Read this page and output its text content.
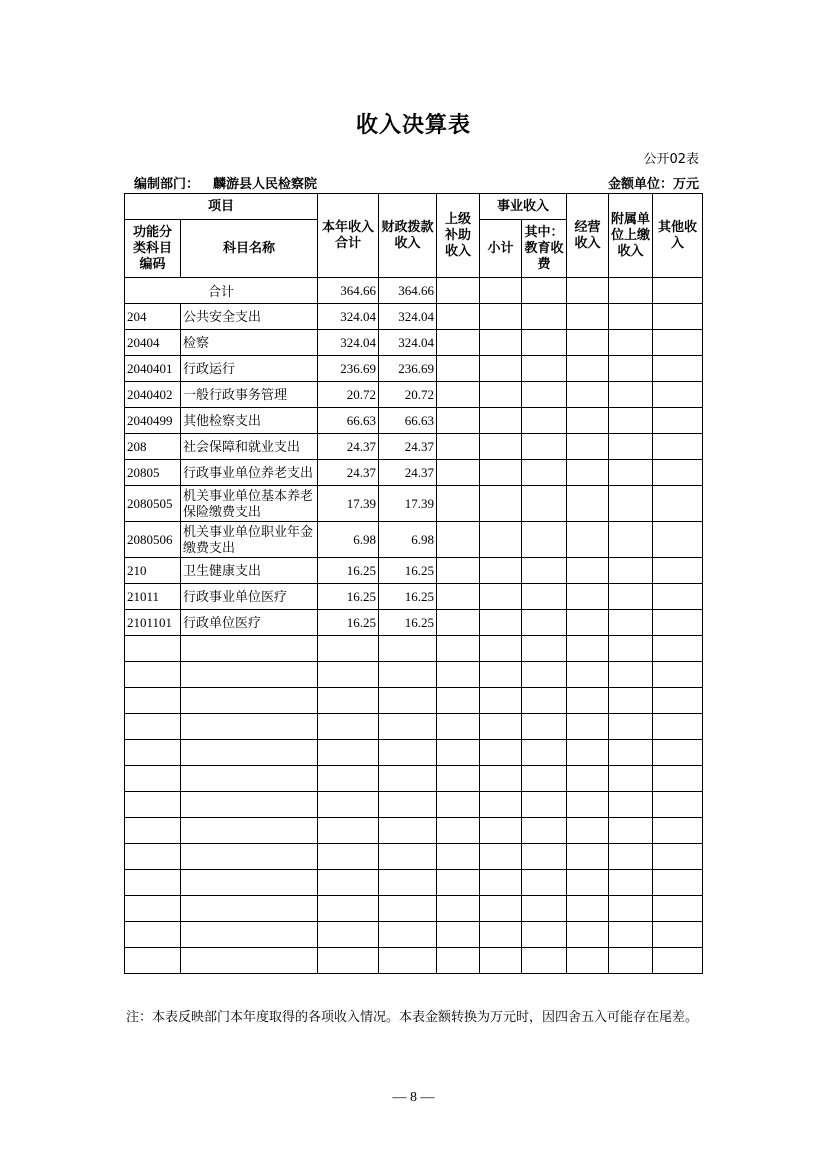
收入决算表
公开02表
编制部门： 麟游县人民检察院	金额单位：万元
项目		本年收入合计	财政拨款收入	上级补助收入	事业收入		经营收入	附属单位上缴收入	其他收入
功能分类科目编码	科目名称				小计	其中：教育收费			

合计		364.66	364.66						
204	公共安全支出	324.04	324.04						
20404	检察	324.04	324.04						
2040401	行政运行	236.69	236.69						
2040402	一般行政事务管理	20.72	20.72						
2040499	其他检察支出	66.63	66.63						
208	社会保障和就业支出	24.37	24.37						
20805	行政事业单位养老支出	24.37	24.37						
2080505	机关事业单位基本养老保险缴费支出	17.39	17.39						
2080506	机关事业单位职业年金缴费支出	6.98	6.98						
210	卫生健康支出	16.25	16.25						
21011	行政事业单位医疗	16.25	16.25						
2101101	行政单位医疗	16.25	16.25						

注：本表反映部门本年度取得的各项收入情况。本表金额转换为万元时，因四舍五入可能存在尾差。
— 8 —
